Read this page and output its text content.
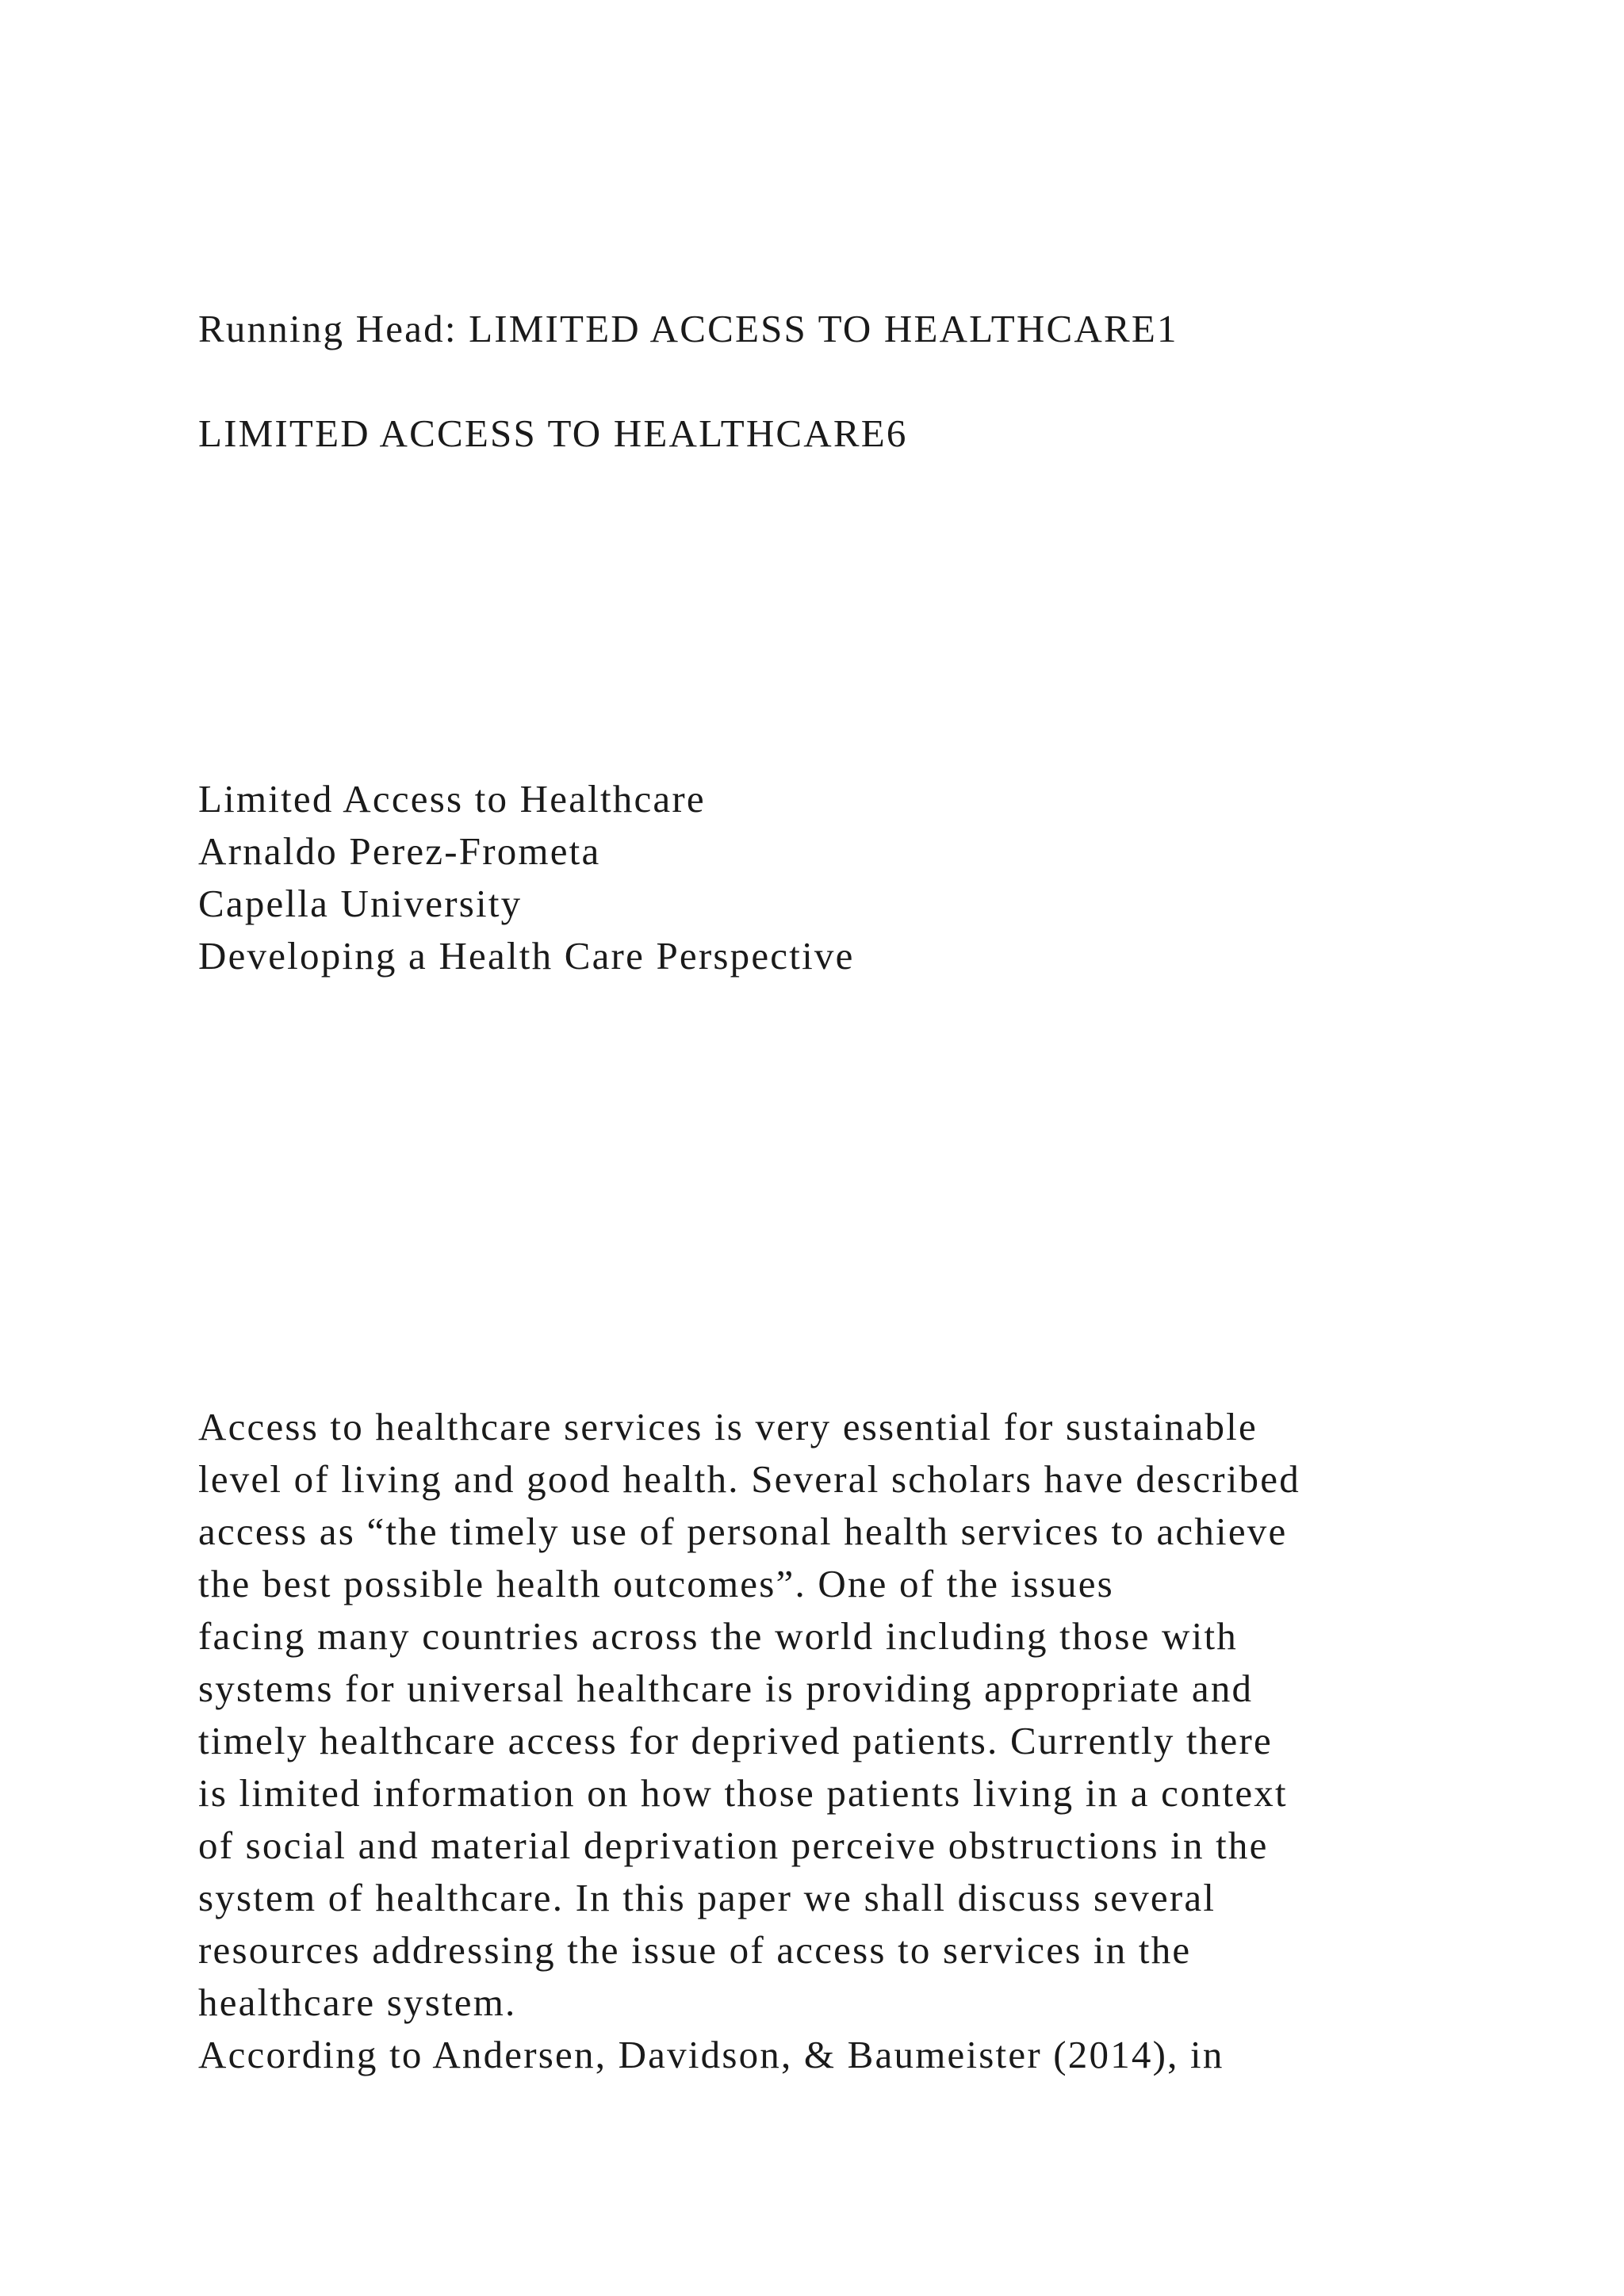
Running Head: LIMITED ACCESS TO HEALTHCARE1
LIMITED ACCESS TO HEALTHCARE6
Limited Access to Healthcare
Arnaldo Perez-Frometa
Capella University
Developing a Health Care Perspective
Access to healthcare services is very essential for sustainable
level of living and good health. Several scholars have described
access as “the timely use of personal health services to achieve
the best possible health outcomes”. One of the issues
facing many countries across the world including those with
systems for universal healthcare is providing appropriate and
timely healthcare access for deprived patients. Currently there
is limited information on how those patients living in a context
of social and material deprivation perceive obstructions in the
system of healthcare. In this paper we shall discuss several
resources addressing the issue of access to services in the
healthcare system.
According to Andersen, Davidson, & Baumeister (2014), in
